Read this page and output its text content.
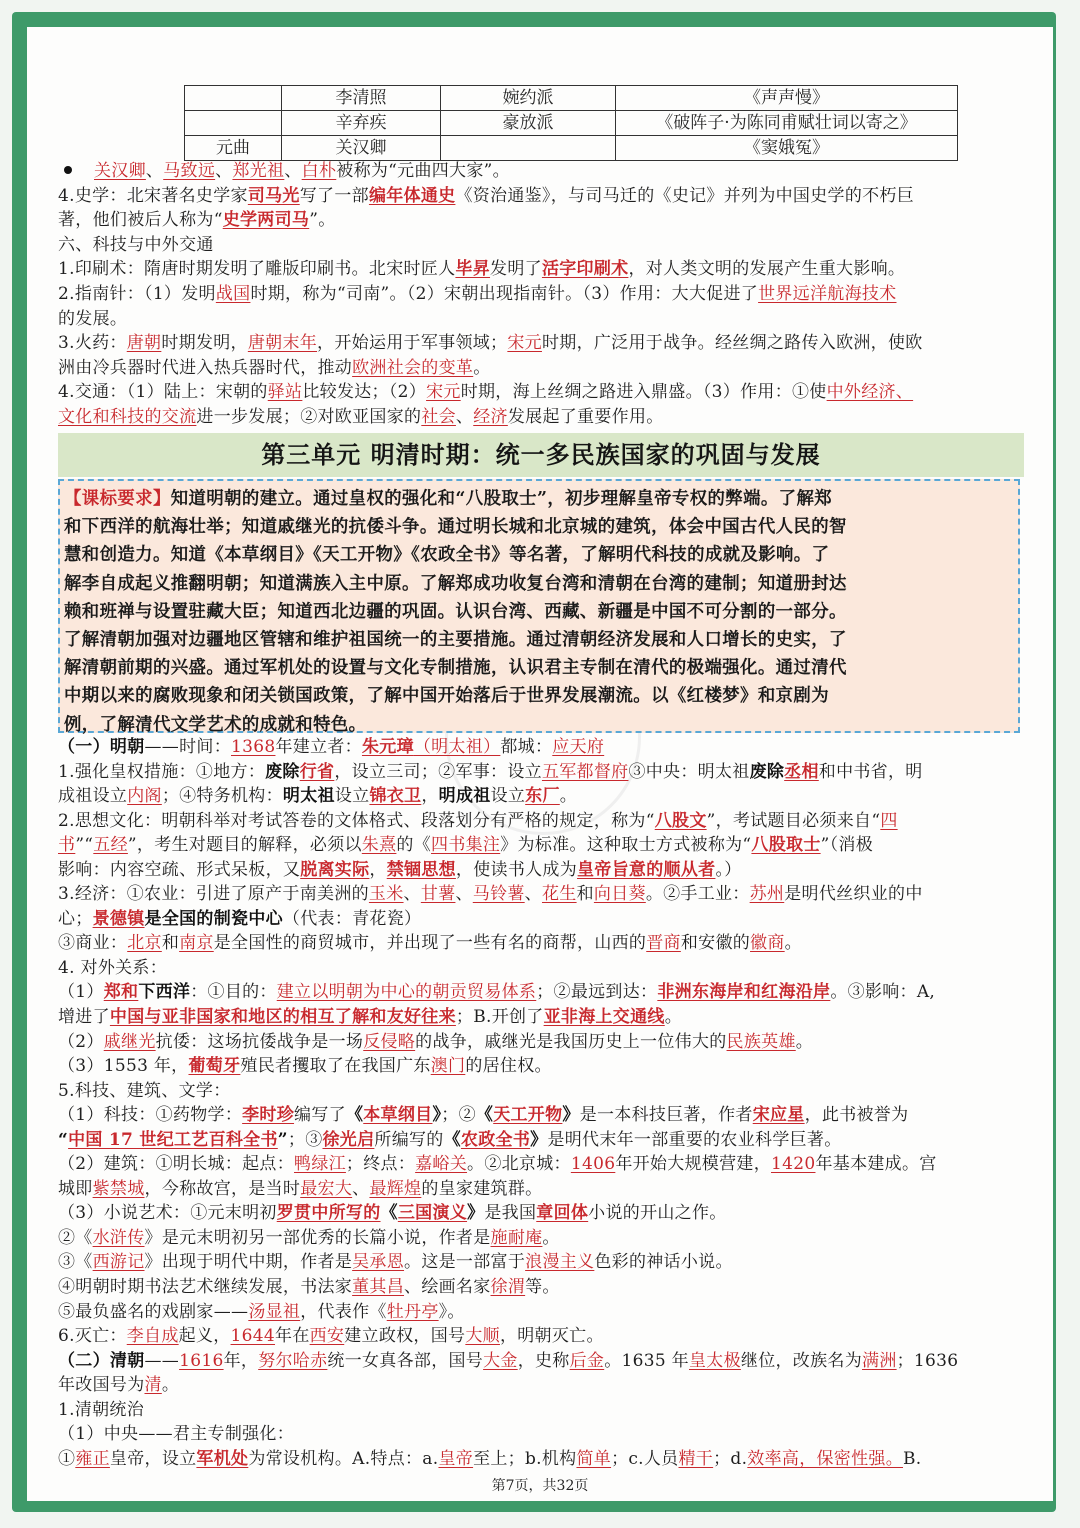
	李清照	婉约派	《声声慢》
	辛弃疾	豪放派	《破阵子·为陈同甫赋壮词以寄之》
元曲	关汉卿		《窦娥冤》
关汉卿、马致远、郑光祖、白朴被称为“元曲四大家”。
4.史学：北宋著名史学家司马光写了一部编年体通史《资治通鉴》，与司马迁的《史记》并列为中国史学的不朽巨
著，他们被后人称为“史学两司马”。
六、科技与中外交通
1.印刷术：隋唐时期发明了雕版印刷书。北宋时匠人毕昇发明了活字印刷术，对人类文明的发展产生重大影响。
2.指南针：（1）发明战国时期，称为“司南”。（2）宋朝出现指南针。（3）作用：大大促进了世界远洋航海技术
的发展。
3.火药：唐朝时期发明，唐朝末年，开始运用于军事领域；宋元时期，广泛用于战争。经丝绸之路传入欧洲，使欧
洲由冷兵器时代进入热兵器时代，推动欧洲社会的变革。
4.交通：（1）陆上：宋朝的驿站比较发达；（2）宋元时期，海上丝绸之路进入鼎盛。（3）作用：①使中外经济、
文化和科技的交流进一步发展；②对欧亚国家的社会、经济发展起了重要作用。
第三单元 明清时期：统一多民族国家的巩固与发展
【课标要求】知道明朝的建立。通过皇权的强化和“八股取士”，初步理解皇帝专权的弊端。了解郑
和下西洋的航海壮举；知道戚继光的抗倭斗争。通过明长城和北京城的建筑，体会中国古代人民的智
慧和创造力。知道《本草纲目》《天工开物》《农政全书》等名著，了解明代科技的成就及影响。了
解李自成起义推翻明朝；知道满族入主中原。了解郑成功收复台湾和清朝在台湾的建制；知道册封达
赖和班禅与设置驻藏大臣；知道西北边疆的巩固。认识台湾、西藏、新疆是中国不可分割的一部分。
了解清朝加强对边疆地区管辖和维护祖国统一的主要措施。通过清朝经济发展和人口增长的史实，了
解清朝前期的兴盛。通过军机处的设置与文化专制措施，认识君主专制在清代的极端强化。通过清代
中期以来的腐败现象和闭关锁国政策，了解中国开始落后于世界发展潮流。以《红楼梦》和京剧为
例，了解清代文学艺术的成就和特色。
（一）明朝——时间：1368年建立者：朱元璋（明太祖）都城：应天府
1.强化皇权措施：①地方：废除行省，设立三司；②军事：设立五军都督府③中央：明太祖废除丞相和中书省，明
成祖设立内阁；④特务机构：明太祖设立锦衣卫，明成祖设立东厂。
2.思想文化：明朝科举对考试答卷的文体格式、段落划分有严格的规定，称为“八股文”，考试题目必须来自“四
书”“五经”，考生对题目的解释，必须以朱熹的《四书集注》为标准。这种取士方式被称为“八股取士”（消极
影响：内容空疏、形式呆板，又脱离实际，禁锢思想，使读书人成为皇帝旨意的顺从者。）
3.经济：①农业：引进了原产于南美洲的玉米、甘薯、马铃薯、花生和向日葵。②手工业：苏州是明代丝织业的中
心；景德镇是全国的制瓷中心（代表：青花瓷）
③商业：北京和南京是全国性的商贸城市，并出现了一些有名的商帮，山西的晋商和安徽的徽商。
4. 对外关系：
（1）郑和下西洋：①目的：建立以明朝为中心的朝贡贸易体系；②最远到达：非洲东海岸和红海沿岸。③影响：A,
增进了中国与亚非国家和地区的相互了解和友好往来；B.开创了亚非海上交通线。
（2）戚继光抗倭：这场抗倭战争是一场反侵略的战争，戚继光是我国历史上一位伟大的民族英雄。
（3）1553 年，葡萄牙殖民者攫取了在我国广东澳门的居住权。
5.科技、建筑、文学：
（1）科技：①药物学：李时珍编写了《本草纲目》；②《天工开物》是一本科技巨著，作者宋应星，此书被誉为
“中国 17 世纪工艺百科全书”；③徐光启所编写的《农政全书》是明代末年一部重要的农业科学巨著。
（2）建筑：①明长城：起点：鸭绿江；终点：嘉峪关。②北京城：1406年开始大规模营建，1420年基本建成。宫
城即紫禁城，今称故宫，是当时最宏大、最辉煌的皇家建筑群。
（3）小说艺术：①元末明初罗贯中所写的《三国演义》是我国章回体小说的开山之作。
②《水浒传》是元末明初另一部优秀的长篇小说，作者是施耐庵。
③《西游记》出现于明代中期，作者是吴承恩。这是一部富于浪漫主义色彩的神话小说。
④明朝时期书法艺术继续发展，书法家董其昌、绘画名家徐渭等。
⑤最负盛名的戏剧家——汤显祖，代表作《牡丹亭》。
6.灭亡：李自成起义，1644年在西安建立政权，国号大顺，明朝灭亡。
（二）清朝——1616年，努尔哈赤统一女真各部，国号大金，史称后金。1635 年皇太极继位，改族名为满洲；1636
年改国号为清。
1.清朝统治
（1）中央——君主专制强化：
①雍正皇帝，设立军机处为常设机构。A.特点：a.皇帝至上；b.机构简单；c.人员精干；d.效率高，保密性强。B.
第7页，共32页
